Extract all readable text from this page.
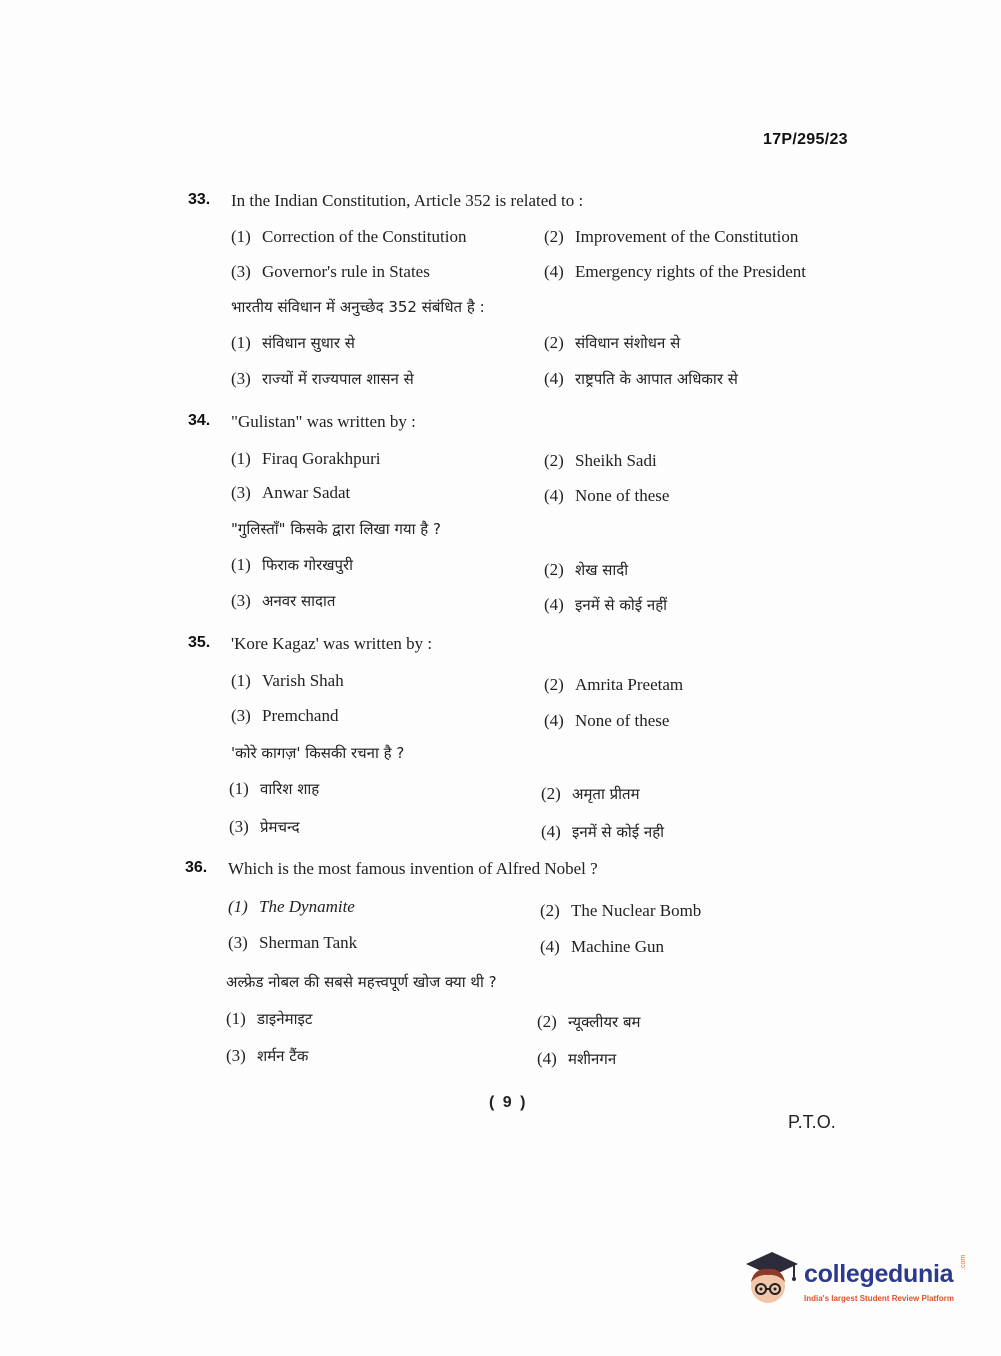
17P/295/23
33. In the Indian Constitution, Article 352 is related to :
(1) Correction of the Constitution	(2) Improvement of the Constitution
(3) Governor's rule in States	(4) Emergency rights of the President
भारतीय संविधान में अनुच्छेद 352 संबंधित है :
(1) संविधान सुधार से	(2) संविधान संशोधन से
(3) राज्यों में राज्यपाल शासन से	(4) राष्ट्रपति के आपात अधिकार से
34. "Gulistan" was written by :
(1) Firaq Gorakhpuri	(2) Sheikh Sadi
(3) Anwar Sadat	(4) None of these
"गुलिस्ताँ" किसके द्वारा लिखा गया है ?
(1) फिराक गोरखपुरी	(2) शेख सादी
(3) अनवर सादात	(4) इनमें से कोई नहीं
35. 'Kore Kagaz' was written by :
(1) Varish Shah	(2) Amrita Preetam
(3) Premchand	(4) None of these
'कोरे कागज़' किसकी रचना है ?
(1) वारिश शाह	(2) अमृता प्रीतम
(3) प्रेमचन्द	(4) इनमें से कोई नही
36. Which is the most famous invention of Alfred Nobel ?
(1) The Dynamite	(2) The Nuclear Bomb
(3) Sherman Tank	(4) Machine Gun
अल्फ्रेड नोबल की सबसे महत्त्वपूर्ण खोज क्या थी ?
(1) डाइनेमाइट	(2) न्यूक्लीयर बम
(3) शर्मन टैंक	(4) मशीनगन
( 9 )
P.T.O.
collegedunia .com
India's largest Student Review Platform
